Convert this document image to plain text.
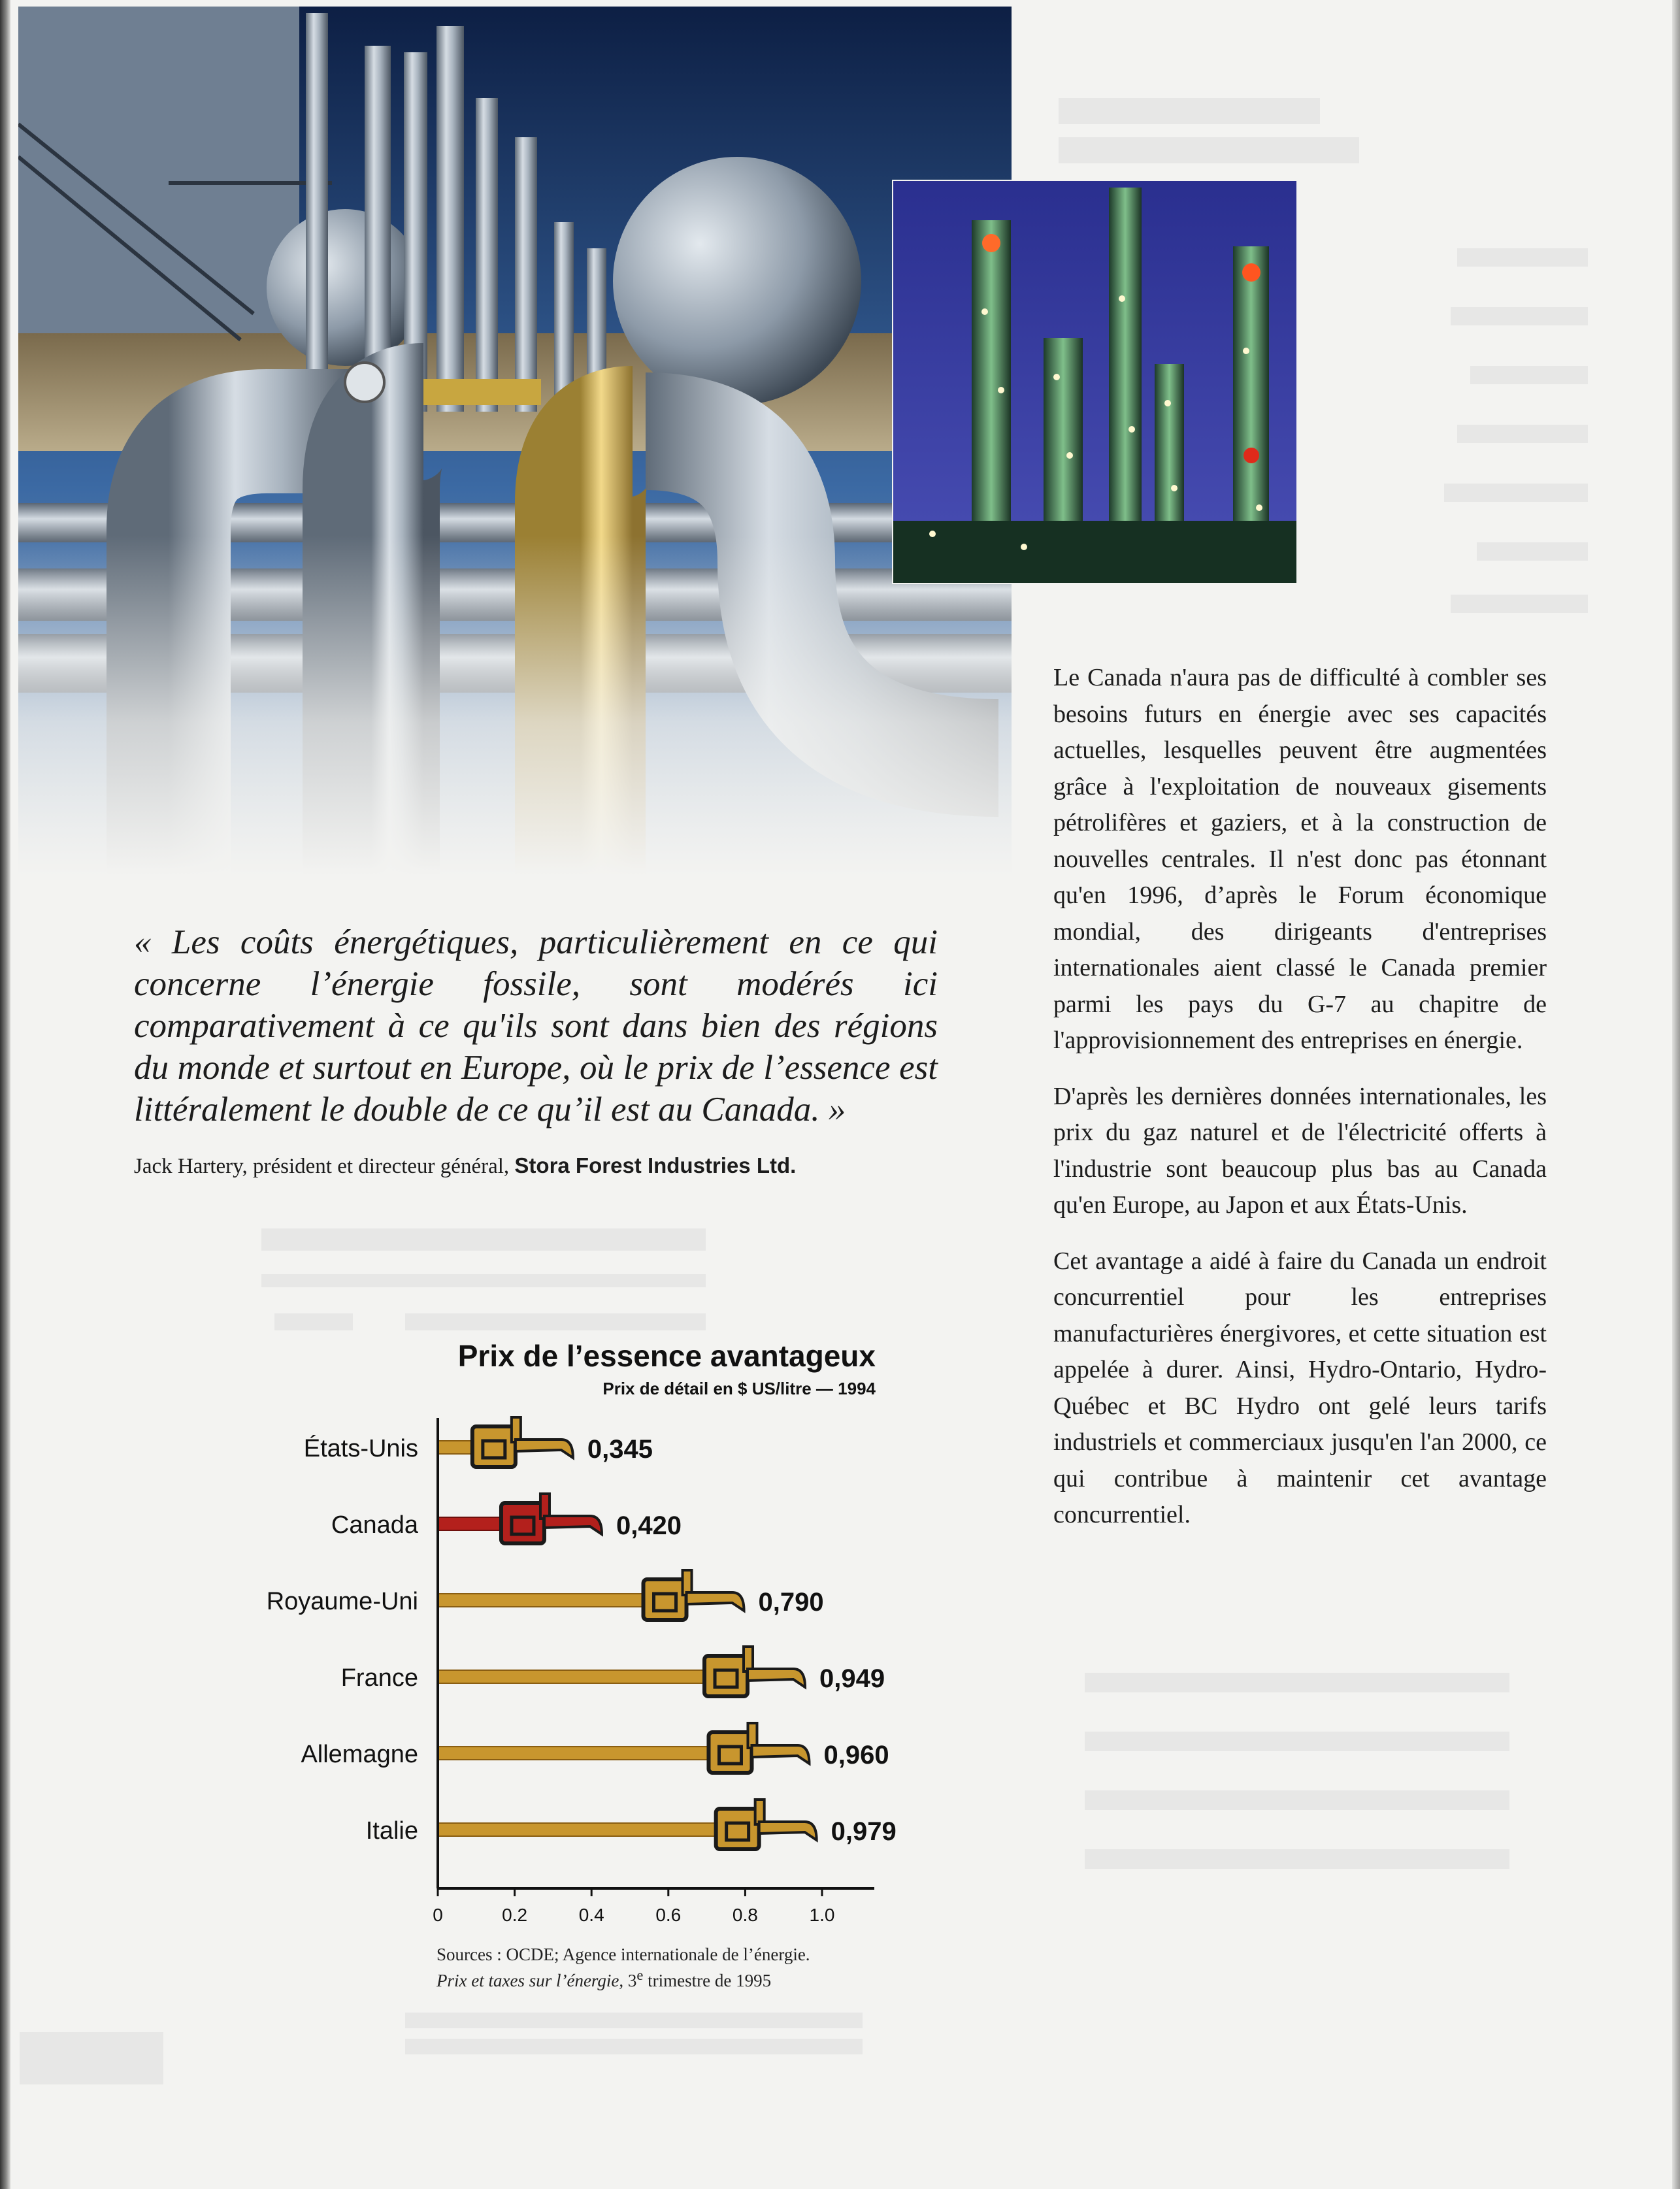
« Les coûts énergétiques, particulièrement en ce qui concerne l’énergie fossile, sont modérés ici comparativement à ce qu'ils sont dans bien des régions du monde et surtout en Europe, où le prix de l’essence est littéralement le double de ce qu’il est au Canada. »

Jack Hartery, président et directeur général, Stora Forest Industries Ltd.

Le Canada n'aura pas de difficulté à combler ses besoins futurs en énergie avec ses capacités actuelles, lesquelles peuvent être augmentées grâce à l'exploitation de nouveaux gisements pétrolifères et gaziers, et à la construction de nouvelles centrales. Il n'est donc pas étonnant qu'en 1996, d’après le Forum économique mondial, des dirigeants d'entreprises internationales aient classé le Canada premier parmi les pays du G-7 au chapitre de l'approvisionnement des entreprises en énergie.

D'après les dernières données internationales, les prix du gaz naturel et de l'électricité offerts à l'industrie sont beaucoup plus bas au Canada qu'en Europe, au Japon et aux États-Unis.

Cet avantage a aidé à faire du Canada un endroit concurrentiel pour les entreprises manufacturières énergivores, et cette situation est appelée à durer. Ainsi, Hydro-Ontario, Hydro-Québec et BC Hydro ont gelé leurs tarifs industriels et commerciaux jusqu'en l'an 2000, ce qui contribue à maintenir cet avantage concurrentiel.

Prix de l’essence avantageux
Prix de détail en $ US/litre — 1994
États-Unis	0,345
Canada	0,420
Royaume-Uni	0,790
France	0,949
Allemagne	0,960
Italie	0,979
0	0.2	0.4	0.6	0.8	1.0
Sources : OCDE; Agence internationale de l’énergie.
Prix et taxes sur l’énergie, 3e trimestre de 1995
